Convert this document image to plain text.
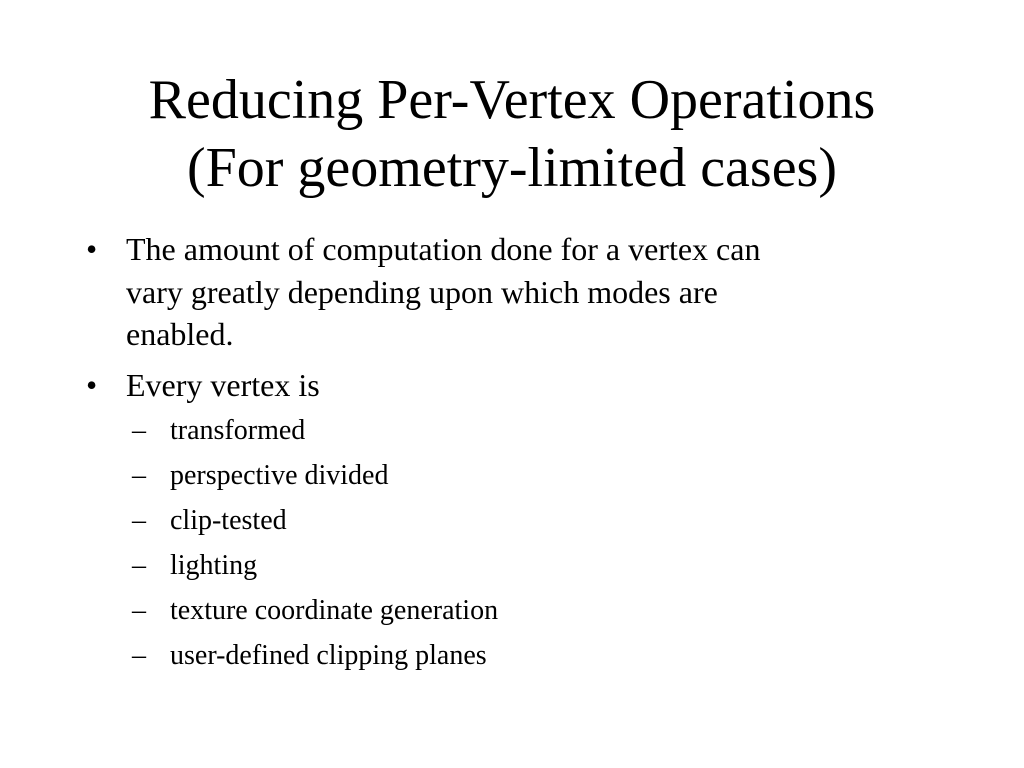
Reducing Per-Vertex Operations
(For geometry-limited cases)
• The amount of computation done for a vertex can
vary greatly depending upon which modes are
enabled.
• Every vertex is
– transformed
– perspective divided
– clip-tested
– lighting
– texture coordinate generation
– user-defined clipping planes
